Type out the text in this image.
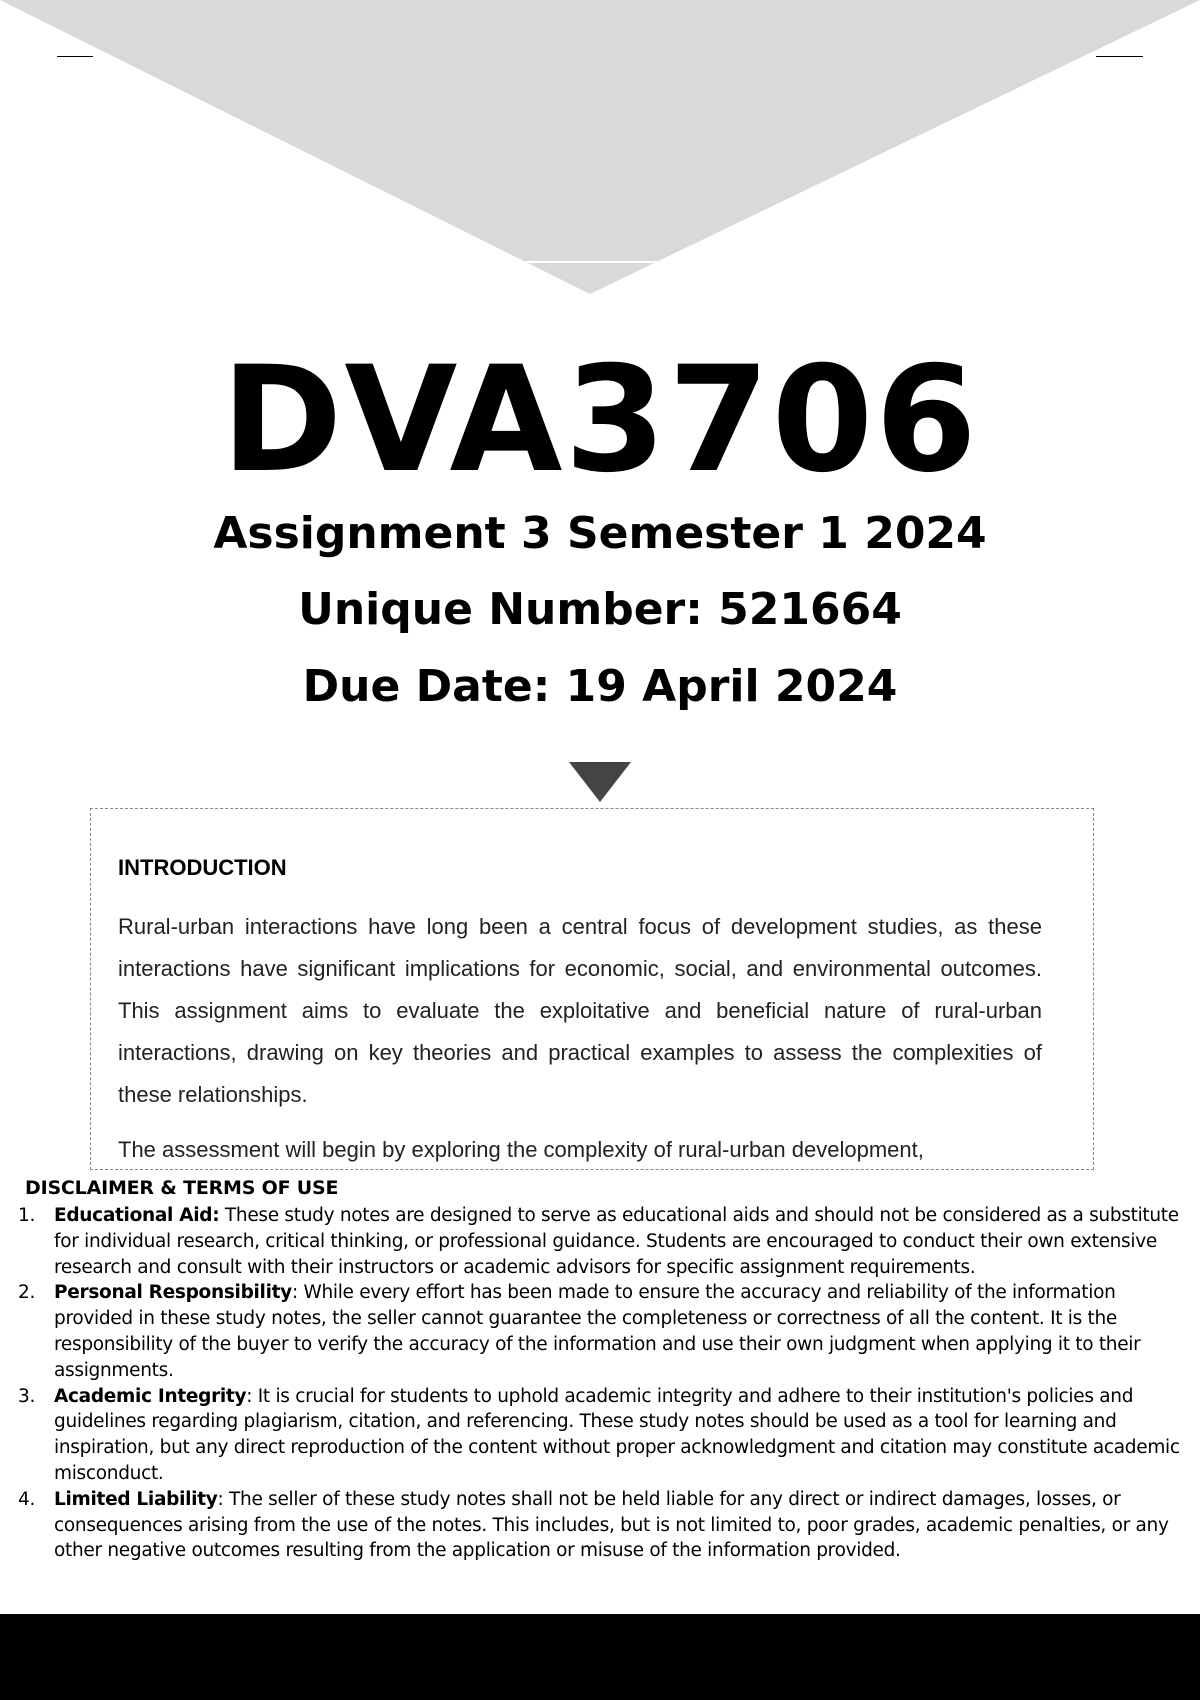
DVA3706
Assignment 3 Semester 1 2024
Unique Number: 521664
Due Date: 19 April 2024
INTRODUCTION

Rural-urban interactions have long been a central focus of development studies, as these interactions have significant implications for economic, social, and environmental outcomes. This assignment aims to evaluate the exploitative and beneficial nature of rural-urban interactions, drawing on key theories and practical examples to assess the complexities of these relationships.

The assessment will begin by exploring the complexity of rural-urban development,

DISCLAIMER & TERMS OF USE
1. Educational Aid: These study notes are designed to serve as educational aids and should not be considered as a substitute for individual research, critical thinking, or professional guidance. Students are encouraged to conduct their own extensive research and consult with their instructors or academic advisors for specific assignment requirements.
2. Personal Responsibility: While every effort has been made to ensure the accuracy and reliability of the information provided in these study notes, the seller cannot guarantee the completeness or correctness of all the content. It is the responsibility of the buyer to verify the accuracy of the information and use their own judgment when applying it to their assignments.
3. Academic Integrity: It is crucial for students to uphold academic integrity and adhere to their institution's policies and guidelines regarding plagiarism, citation, and referencing. These study notes should be used as a tool for learning and inspiration, but any direct reproduction of the content without proper acknowledgment and citation may constitute academic misconduct.
4. Limited Liability: The seller of these study notes shall not be held liable for any direct or indirect damages, losses, or consequences arising from the use of the notes. This includes, but is not limited to, poor grades, academic penalties, or any other negative outcomes resulting from the application or misuse of the information provided.
